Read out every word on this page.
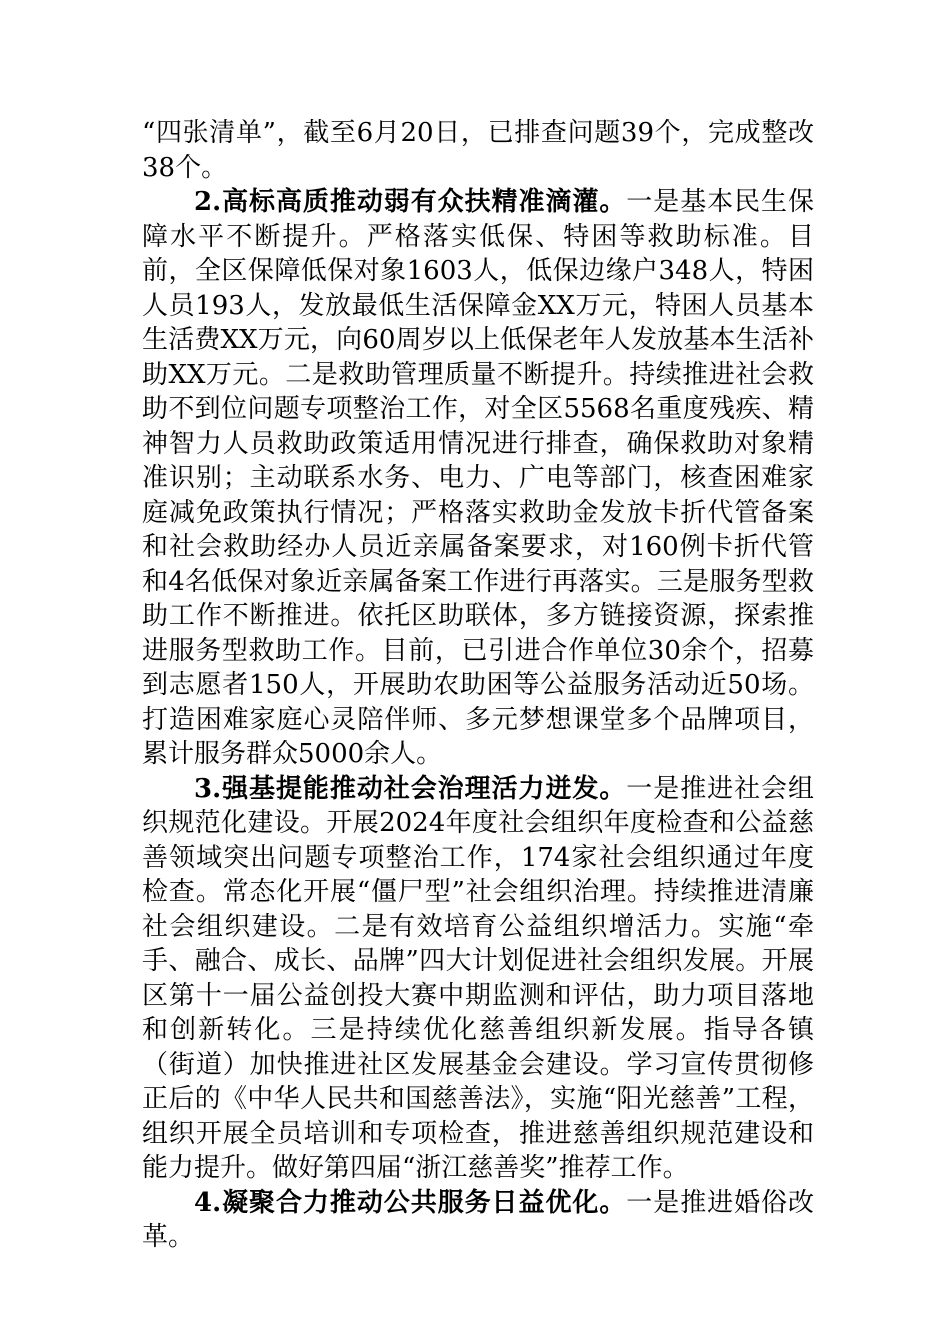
“四张清单”，截至6月20日，已排查问题39个，完成整改38个。

2.高标高质推动弱有众扶精准滴灌。一是基本民生保障水平不断提升。严格落实低保、特困等救助标准。目前，全区保障低保对象1603人，低保边缘户348人，特困人员193人，发放最低生活保障金XX万元，特困人员基本生活费XX万元，向60周岁以上低保老年人发放基本生活补助XX万元。二是救助管理质量不断提升。持续推进社会救助不到位问题专项整治工作，对全区5568名重度残疾、精神智力人员救助政策适用情况进行排查，确保救助对象精准识别；主动联系水务、电力、广电等部门，核查困难家庭减免政策执行情况；严格落实救助金发放卡折代管备案和社会救助经办人员近亲属备案要求，对160例卡折代管和4名低保对象近亲属备案工作进行再落实。三是服务型救助工作不断推进。依托区助联体，多方链接资源，探索推进服务型救助工作。目前，已引进合作单位30余个，招募到志愿者150人，开展助农助困等公益服务活动近50场。打造困难家庭心灵陪伴师、多元梦想课堂多个品牌项目，累计服务群众5000余人。

3.强基提能推动社会治理活力迸发。一是推进社会组织规范化建设。开展2024年度社会组织年度检查和公益慈善领域突出问题专项整治工作，174家社会组织通过年度检查。常态化开展“僵尸型”社会组织治理。持续推进清廉社会组织建设。二是有效培育公益组织增活力。实施“牵手、融合、成长、品牌”四大计划促进社会组织发展。开展区第十一届公益创投大赛中期监测和评估，助力项目落地和创新转化。三是持续优化慈善组织新发展。指导各镇（街道）加快推进社区发展基金会建设。学习宣传贯彻修正后的《中华人民共和国慈善法》，实施“阳光慈善”工程，组织开展全员培训和专项检查，推进慈善组织规范建设和能力提升。做好第四届“浙江慈善奖”推荐工作。

4.凝聚合力推动公共服务日益优化。一是推进婚俗改革。
